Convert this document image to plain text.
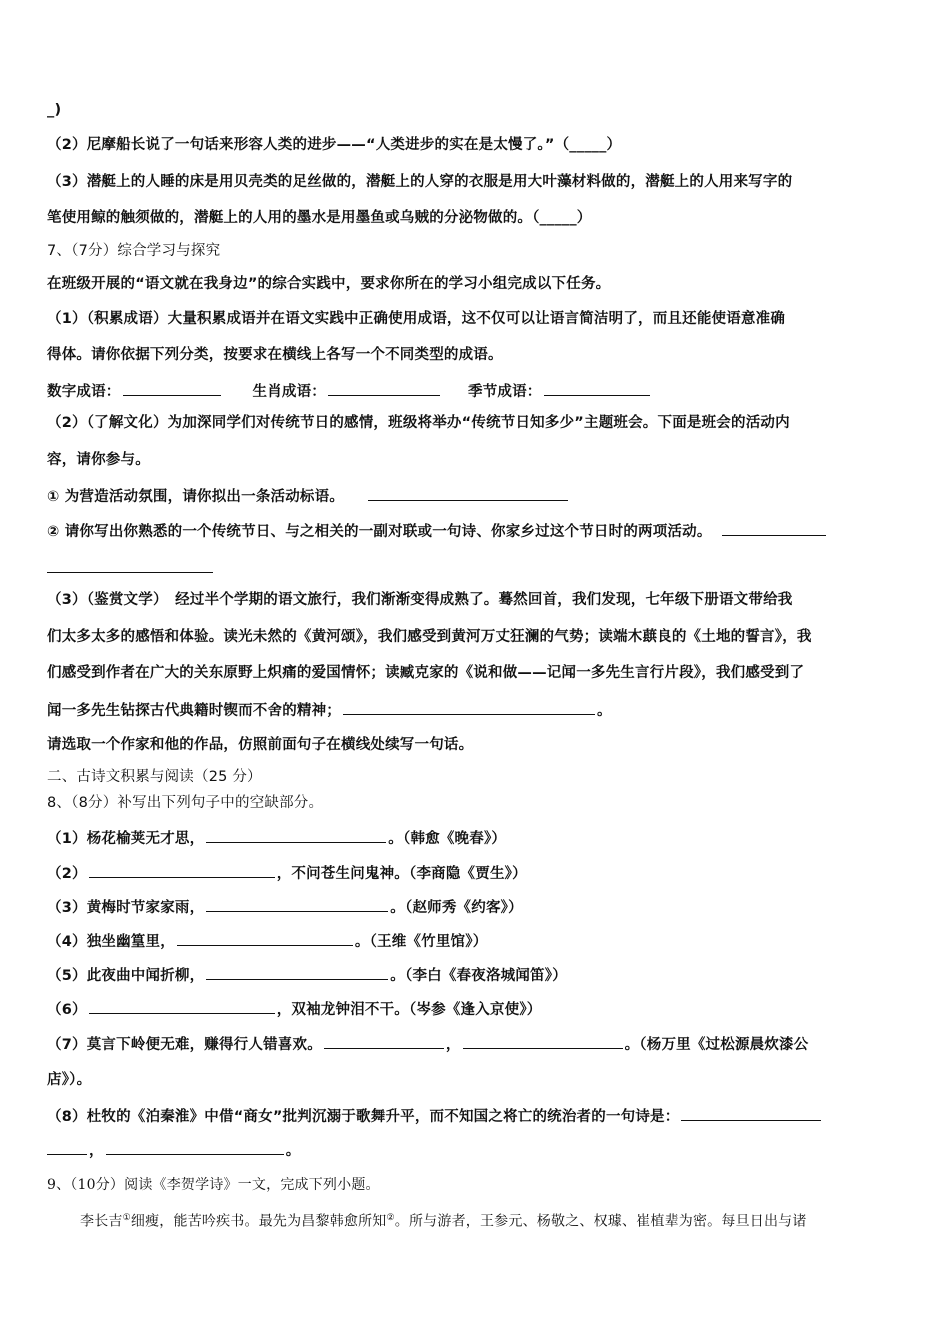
_)
（2）尼摩船长说了一句话来形容人类的进步——“人类进步的实在是太慢了。”（_____）
（3）潜艇上的人睡的床是用贝壳类的足丝做的，潜艇上的人穿的衣服是用大叶藻材料做的，潜艇上的人用来写字的
笔使用鲸的触须做的，潜艇上的人用的墨水是用墨鱼或乌贼的分泌物做的。（_____）
7、（7分）综合学习与探究
在班级开展的“语文就在我身边”的综合实践中，要求你所在的学习小组完成以下任务。
（1）（积累成语）大量积累成语并在语文实践中正确使用成语，这不仅可以让语言简洁明了，而且还能使语意准确
得体。请你依据下列分类，按要求在横线上各写一个不同类型的成语。
数字成语：	生肖成语：	季节成语：
（2）（了解文化）为加深同学们对传统节日的感情，班级将举办“传统节日知多少”主题班会。下面是班会的活动内
容，请你参与。
① 为营造活动氛围，请你拟出一条活动标语。
② 请你写出你熟悉的一个传统节日、与之相关的一副对联或一句诗、你家乡过这个节日时的两项活动。
（3）（鉴赏文学）　经过半个学期的语文旅行，我们渐渐变得成熟了。蓦然回首，我们发现，七年级下册语文带给我
们太多太多的感悟和体验。读光未然的《黄河颂》，我们感受到黄河万丈狂澜的气势；读端木蕻良的《土地的誓言》，我
们感受到作者在广大的关东原野上炽痛的爱国情怀；读臧克家的《说和做——记闻一多先生言行片段》，我们感受到了
闻一多先生钻探古代典籍时锲而不舍的精神；	。
请选取一个作家和他的作品，仿照前面句子在横线处续写一句话。
二、古诗文积累与阅读（25 分）
8、（8分）补写出下列句子中的空缺部分。
（1）杨花榆荚无才思，	。（韩愈《晚春》）
（2）	，不问苍生问鬼神。（李商隐《贾生》）
（3）黄梅时节家家雨，	。（赵师秀《约客》）
（4）独坐幽篁里，	。（王维《竹里馆》）
（5）此夜曲中闻折柳，	。（李白《春夜洛城闻笛》）
（6）	，双袖龙钟泪不干。（岑参《逢入京使》）
（7）莫言下岭便无难，赚得行人错喜欢。	，	。（杨万里《过松源晨炊漆公
店》）。
（8）杜牧的《泊秦淮》中借“商女”批判沉溺于歌舞升平，而不知国之将亡的统治者的一句诗是：
，	。
9、（10分）阅读《李贺学诗》一文，完成下列小题。
李长吉①细瘦，能苦吟疾书。最先为昌黎韩愈所知②。所与游者，王参元、杨敬之、权璩、崔植辈为密。每旦日出与诸
